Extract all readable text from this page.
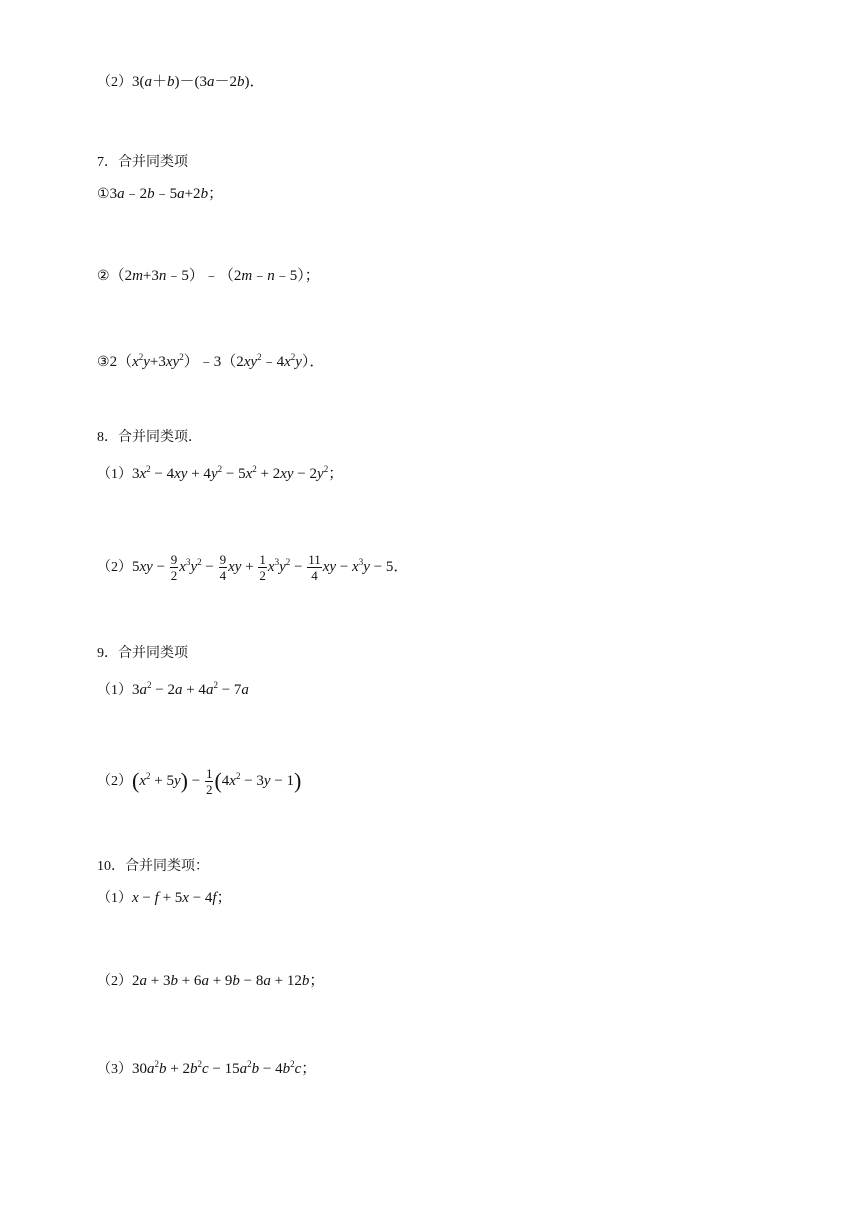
（2）3(a＋b)－(3a－2b)．
7．合并同类项
①3a﹣2b﹣5a+2b；
②（2m+3n﹣5）﹣（2m﹣n﹣5）；
$③2(x^2y+3xy^2)﹣3(2xy^2﹣4x^2y)$．
8．合并同类项．
$(1)3x^2 - 4xy + 4y^2 - 5x^2 + 2xy - 2y^2$；
$(2)5xy - \frac{9}{2} x^3y^2 - \frac{9}{4}$ xy + $\frac{1}{2} x^3y^2 - \frac{11}{4}$ xy − $x^3y - 5$．
9．合并同类项
$(1)3a^2 - 2a + 4a^2 - 7a$
$(2)(x^2 + 5y) - \frac{1}{2} (4x^2 - 3y - 1)$
10．合并同类项：
（1）x − f + 5x − 4f；
（2）2a + 3b + 6a + 9b − 8a + 12b；
$(3)30a^2b + 2b^2c - 15a^2b - 4b^2c$；
